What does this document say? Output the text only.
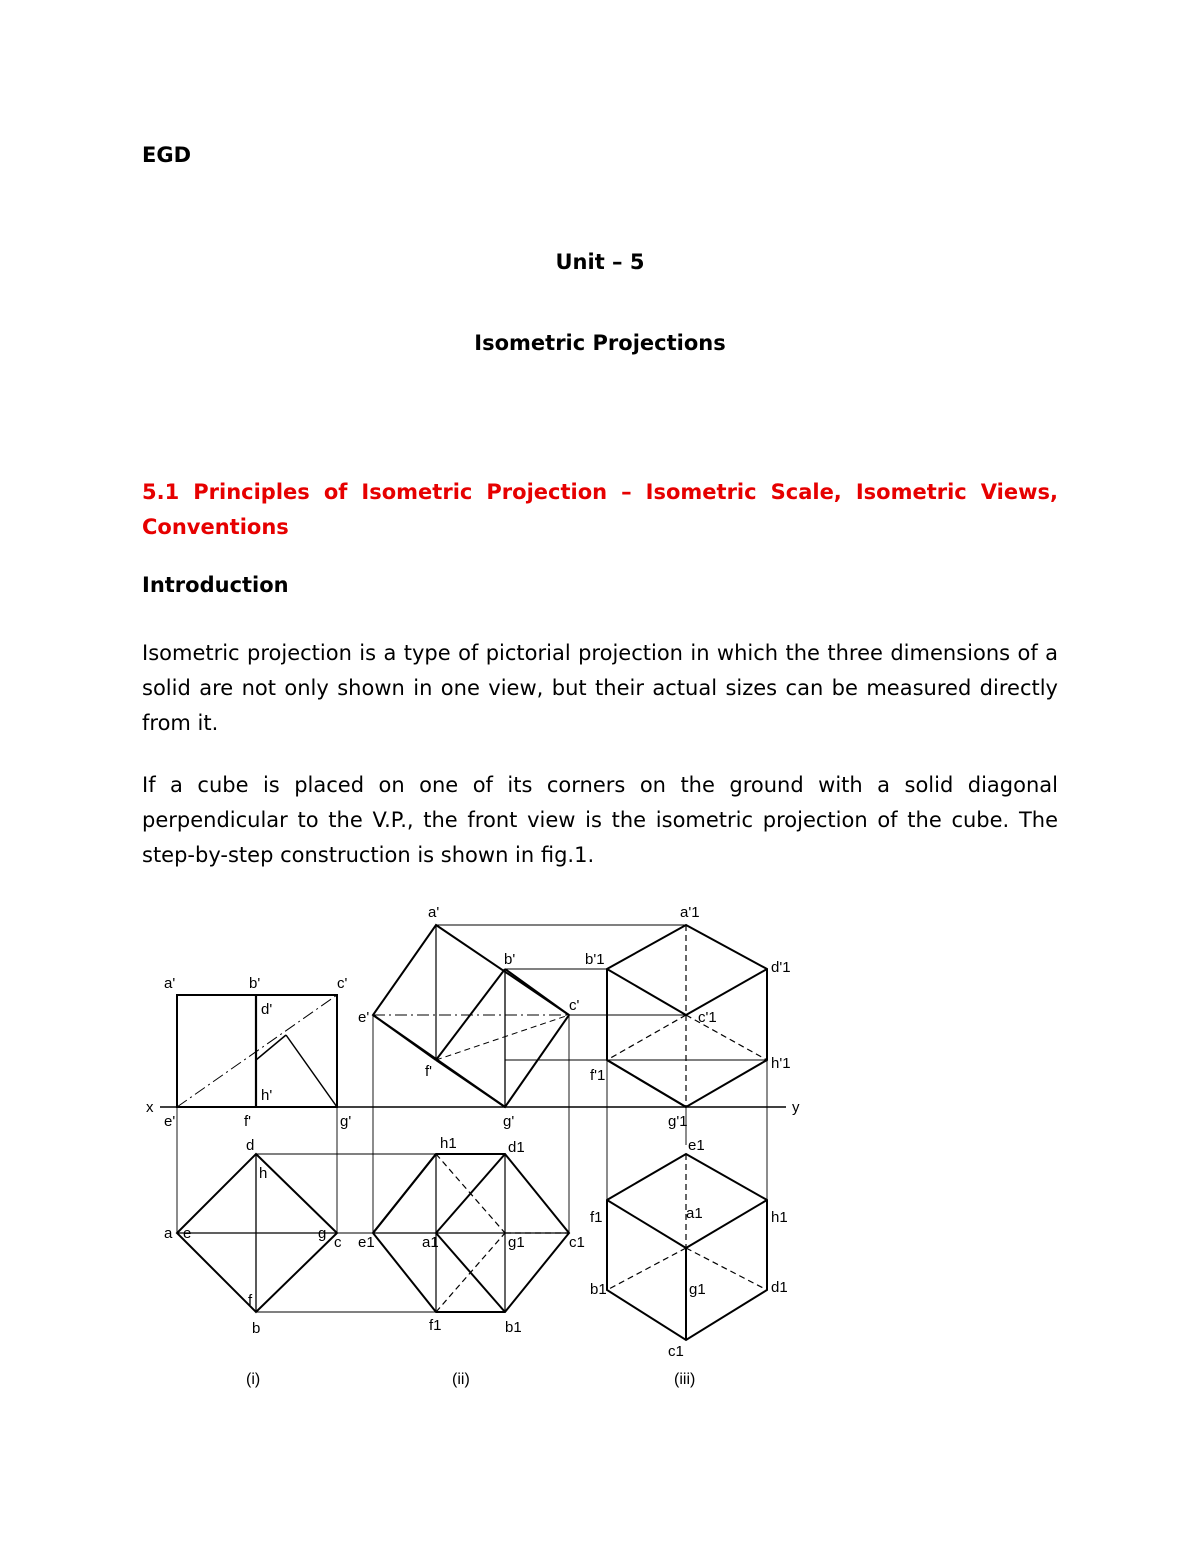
EGD
Unit – 5
Isometric Projections
5.1 Principles of Isometric Projection – Isometric Scale, Isometric Views, Conventions
Introduction
Isometric projection is a type of pictorial projection in which the three dimensions of a solid are not only shown in one view, but their actual sizes can be measured directly from it.
If a cube is placed on one of its corners on the ground with a solid diagonal perpendicular to the V.P., the front view is the isometric projection of the cube. The step-by-step construction is shown in fig.1.
x	y
a'	b'	c'
d'
h'
e'	f'	g'
d
h
a e	g
c
f
b
a'
b'
c'
e'
f'
g'
h1	d1
e1	a1	g1	c1
f1	b1
a'1
b'1	d'1
c'1
f'1
h'1
g'1
e1
f1	a1	h1
b1	g1	d1
c1
(i)	(ii)	(iii)
